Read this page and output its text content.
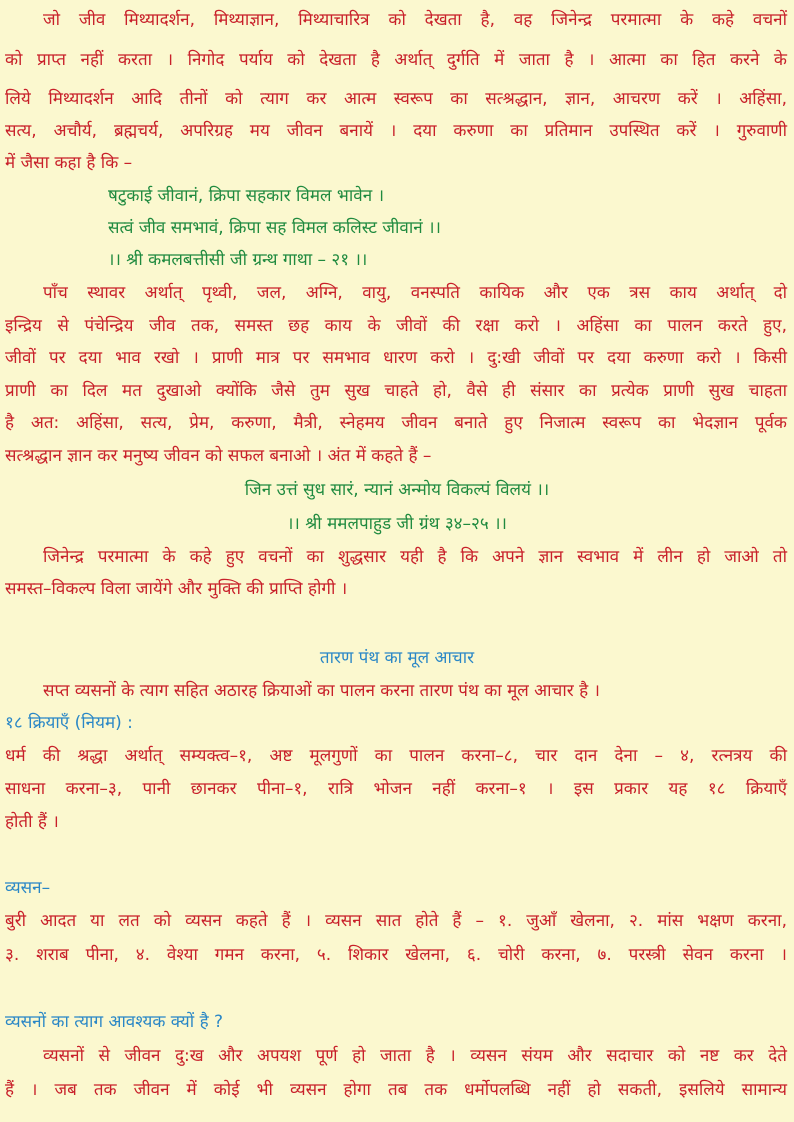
जो जीव मिथ्यादर्शन, मिथ्याज्ञान, मिथ्याचारित्र को देखता है, वह जिनेन्द्र परमात्मा के कहे वचनों
को प्राप्त नहीं करता । निगोद पर्याय को देखता है अर्थात् दुर्गति में जाता है । आत्मा का हित करने के
लिये मिथ्यादर्शन आदि तीनों को त्याग कर आत्म स्वरूप का सत्श्रद्धान, ज्ञान, आचरण करें । अहिंसा,
सत्य, अचौर्य, ब्रह्मचर्य, अपरिग्रह मय जीवन बनायें । दया करुणा का प्रतिमान उपस्थित करें । गुरुवाणी
में जैसा कहा है कि –
षटुकाई जीवानं, क्रिपा सहकार विमल भावेन ।
सत्वं जीव समभावं, क्रिपा सह विमल कलिस्ट जीवानं ।।
।। श्री कमलबत्तीसी जी ग्रन्थ गाथा – २१ ।।
पाँच स्थावर अर्थात् पृथ्वी, जल, अग्नि, वायु, वनस्पति कायिक और एक त्रस काय अर्थात् दो
इन्द्रिय से पंचेन्द्रिय जीव तक, समस्त छह काय के जीवों की रक्षा करो । अहिंसा का पालन करते हुए,
जीवों पर दया भाव रखो । प्राणी मात्र पर समभाव धारण करो । दु:खी जीवों पर दया करुणा करो । किसी
प्राणी का दिल मत दुखाओ क्योंकि जैसे तुम सुख चाहते हो, वैसे ही संसार का प्रत्येक प्राणी सुख चाहता
है अत: अहिंसा, सत्य, प्रेम, करुणा, मैत्री, स्नेहमय जीवन बनाते हुए निजात्म स्वरूप का भेदज्ञान पूर्वक
सत्श्रद्धान ज्ञान कर मनुष्य जीवन को सफल बनाओ । अंत में कहते हैं –
जिन उत्तं सुध सारं, न्यानं अन्मोय विकल्पं विलयं ।।
।। श्री ममलपाहुड जी ग्रंथ ३४–२५ ।।
जिनेन्द्र परमात्मा के कहे हुए वचनों का शुद्धसार यही है कि अपने ज्ञान स्वभाव में लीन हो जाओ तो
समस्त–विकल्प विला जायेंगे और मुक्ति की प्राप्ति होगी ।
तारण पंथ का मूल आचार
सप्त व्यसनों के त्याग सहित अठारह क्रियाओं का पालन करना तारण पंथ का मूल आचार है ।
१८ क्रियाएँ (नियम) :
धर्म की श्रद्धा अर्थात् सम्यक्त्व–१, अष्ट मूलगुणों का पालन करना–८, चार दान देना – ४, रत्नत्रय की
साधना करना–३, पानी छानकर पीना–१, रात्रि भोजन नहीं करना–१ । इस प्रकार यह १८ क्रियाएँ
होती हैं ।
व्यसन–
बुरी आदत या लत को व्यसन कहते हैं । व्यसन सात होते हैं – १. जुआँ खेलना, २. मांस भक्षण करना,
३. शराब पीना, ४. वेश्या गमन करना, ५. शिकार खेलना, ६. चोरी करना, ७. परस्त्री सेवन करना ।
व्यसनों का त्याग आवश्यक क्यों है ?
व्यसनों से जीवन दु:ख और अपयश पूर्ण हो जाता है । व्यसन संयम और सदाचार को नष्ट कर देते
हैं । जब तक जीवन में कोई भी व्यसन होगा तब तक धर्मोपलब्धि नहीं हो सकती, इसलिये सामान्य
